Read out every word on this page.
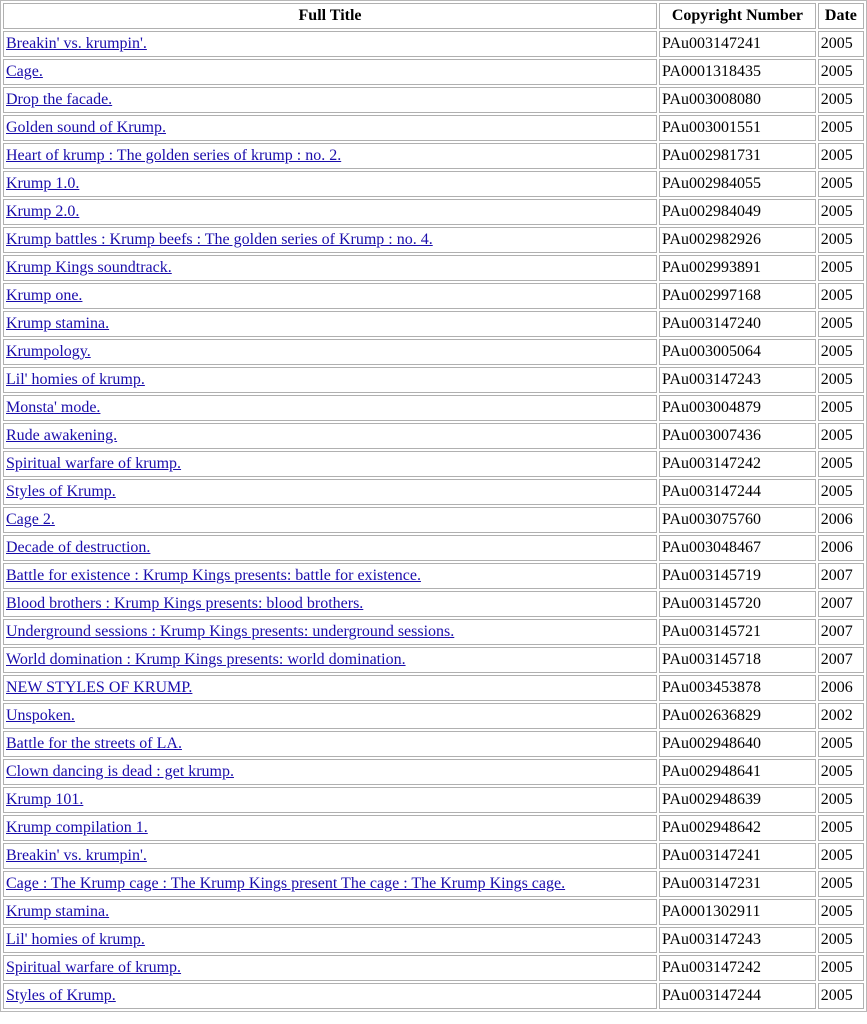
Full Title	Copyright Number	Date
Breakin' vs. krumpin'.	PAu003147241	2005
Cage.	PA0001318435	2005
Drop the facade.	PAu003008080	2005
Golden sound of Krump.	PAu003001551	2005
Heart of krump : The golden series of krump : no. 2.	PAu002981731	2005
Krump 1.0.	PAu002984055	2005
Krump 2.0.	PAu002984049	2005
Krump battles : Krump beefs : The golden series of Krump : no. 4.	PAu002982926	2005
Krump Kings soundtrack.	PAu002993891	2005
Krump one.	PAu002997168	2005
Krump stamina.	PAu003147240	2005
Krumpology.	PAu003005064	2005
Lil' homies of krump.	PAu003147243	2005
Monsta' mode.	PAu003004879	2005
Rude awakening.	PAu003007436	2005
Spiritual warfare of krump.	PAu003147242	2005
Styles of Krump.	PAu003147244	2005
Cage 2.	PAu003075760	2006
Decade of destruction.	PAu003048467	2006
Battle for existence : Krump Kings presents: battle for existence.	PAu003145719	2007
Blood brothers : Krump Kings presents: blood brothers.	PAu003145720	2007
Underground sessions : Krump Kings presents: underground sessions.	PAu003145721	2007
World domination : Krump Kings presents: world domination.	PAu003145718	2007
NEW STYLES OF KRUMP.	PAu003453878	2006
Unspoken.	PAu002636829	2002
Battle for the streets of LA.	PAu002948640	2005
Clown dancing is dead : get krump.	PAu002948641	2005
Krump 101.	PAu002948639	2005
Krump compilation 1.	PAu002948642	2005
Breakin' vs. krumpin'.	PAu003147241	2005
Cage : The Krump cage : The Krump Kings present The cage : The Krump Kings cage.	PAu003147231	2005
Krump stamina.	PA0001302911	2005
Lil' homies of krump.	PAu003147243	2005
Spiritual warfare of krump.	PAu003147242	2005
Styles of Krump.	PAu003147244	2005
